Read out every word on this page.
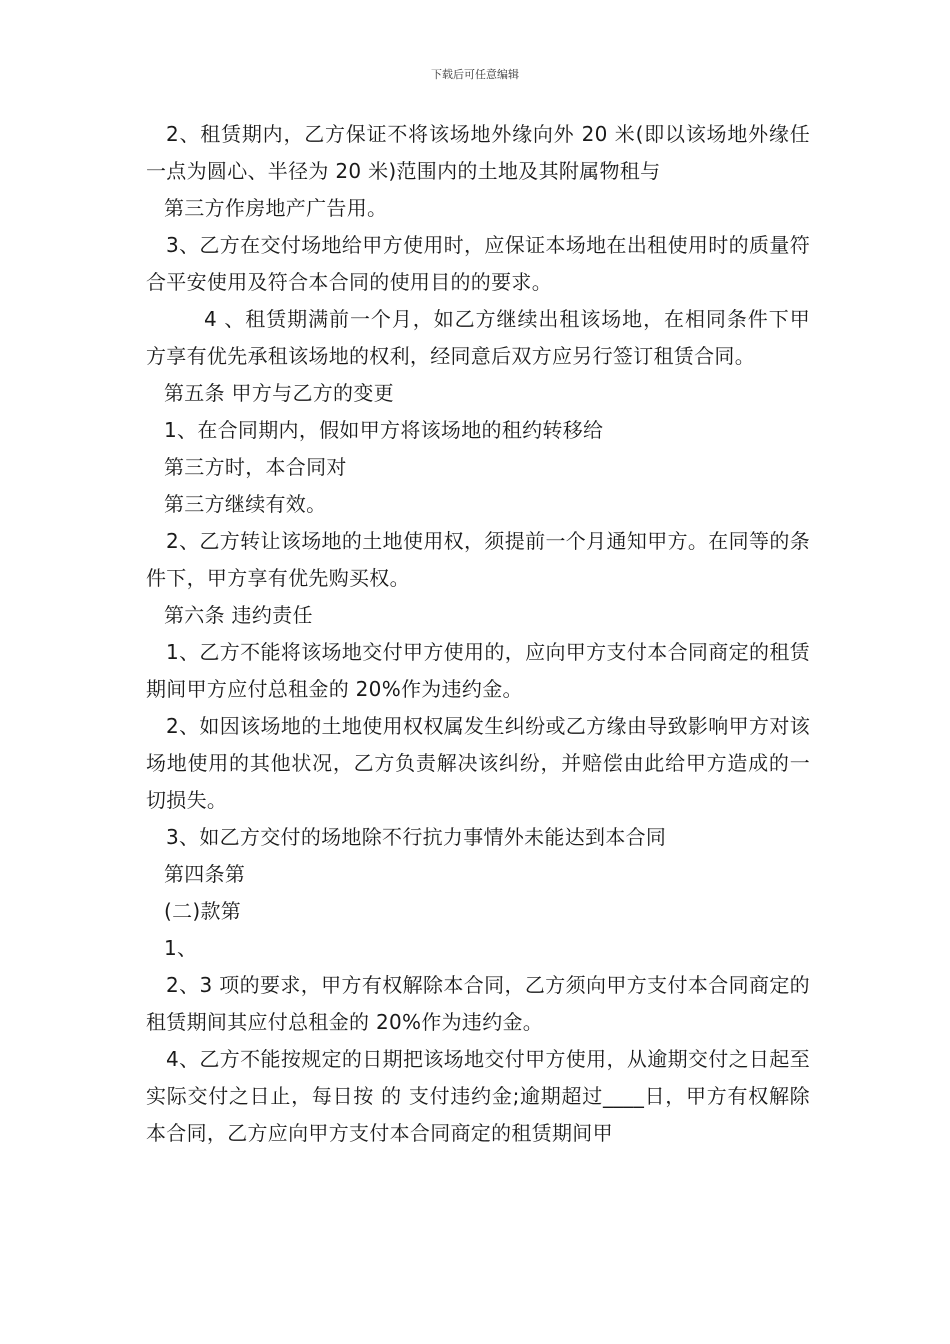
下载后可任意编辑

2、租赁期内，乙方保证不将该场地外缘向外 20 米(即以该场地外缘任一点为圆心、半径为 20 米)范围内的土地及其附属物租与

第三方作房地产广告用。

3、乙方在交付场地给甲方使用时，应保证本场地在出租使用时的质量符合平安使用及符合本合同的使用目的的要求。

4 、租赁期满前一个月，如乙方继续出租该场地，在相同条件下甲方享有优先承租该场地的权利，经同意后双方应另行签订租赁合同。

第五条 甲方与乙方的变更

1、在合同期内，假如甲方将该场地的租约转移给

第三方时，本合同对

第三方继续有效。

2、乙方转让该场地的土地使用权，须提前一个月通知甲方。在同等的条件下，甲方享有优先购买权。

第六条 违约责任

1、乙方不能将该场地交付甲方使用的，应向甲方支付本合同商定的租赁期间甲方应付总租金的 20%作为违约金。

2、如因该场地的土地使用权权属发生纠纷或乙方缘由导致影响甲方对该场地使用的其他状况，乙方负责解决该纠纷，并赔偿由此给甲方造成的一切损失。

3、如乙方交付的场地除不行抗力事情外未能达到本合同

第四条第

(二)款第

1、

2、3 项的要求，甲方有权解除本合同，乙方须向甲方支付本合同商定的租赁期间其应付总租金的 20%作为违约金。

4、乙方不能按规定的日期把该场地交付甲方使用，从逾期交付之日起至实际交付之日止，每日按 的 支付违约金;逾期超过____日，甲方有权解除本合同，乙方应向甲方支付本合同商定的租赁期间甲
